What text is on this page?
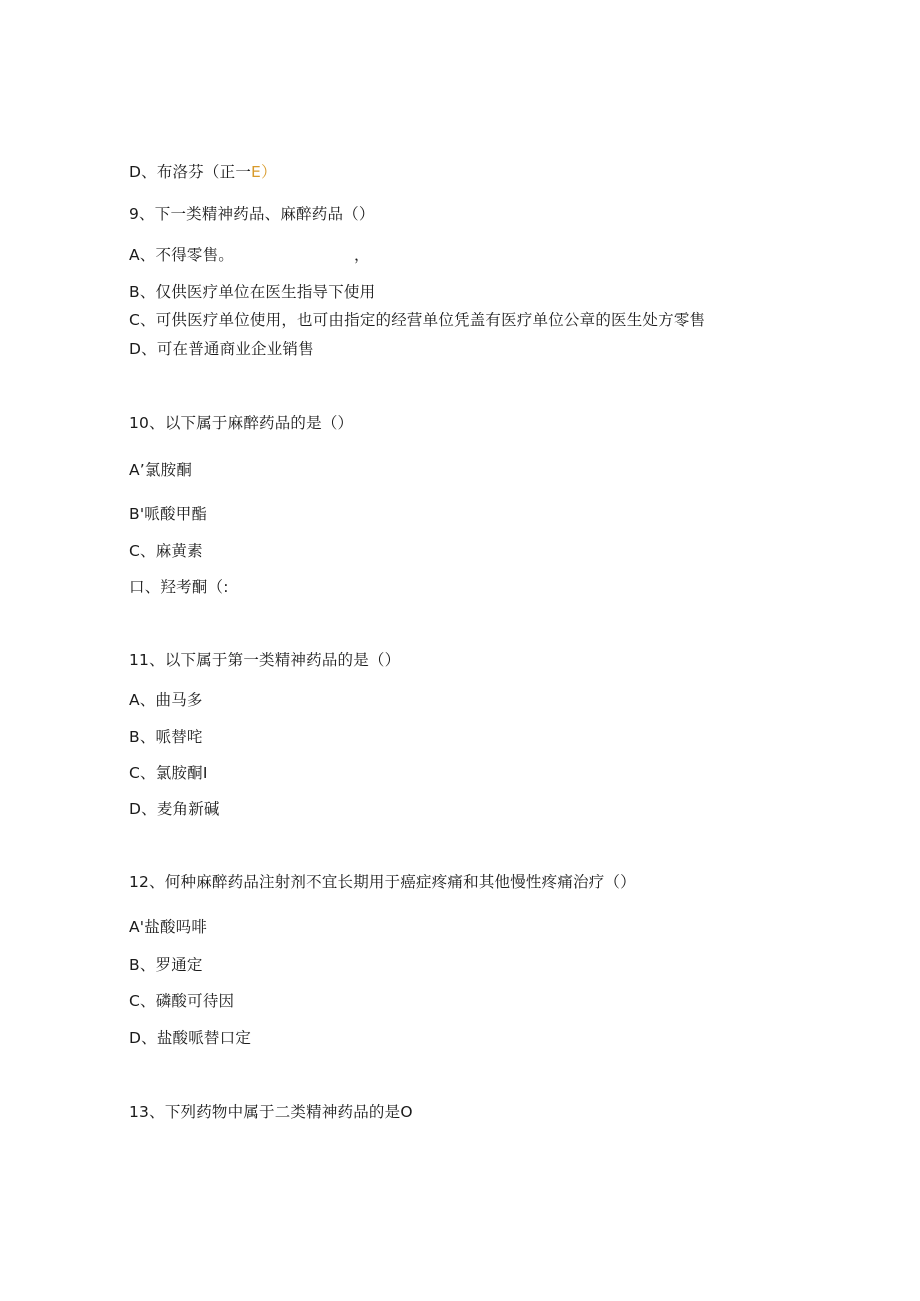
D、布洛芬（正一E）
9、下一类精神药品、麻醉药品（）
A、不得零售。	，
B、仅供医疗单位在医生指导下使用
C、可供医疗单位使用，也可由指定的经营单位凭盖有医疗单位公章的医生处方零售
D、可在普通商业企业销售
10、以下属于麻醉药品的是（）
A’氯胺酮
B'哌酸甲酯
C、麻黄素
口、羟考酮（:
11、以下属于第一类精神药品的是（）
A、曲马多
B、哌替咤
C、氯胺酮I
D、麦角新碱
12、何种麻醉药品注射剂不宜长期用于癌症疼痛和其他慢性疼痛治疗（）
A'盐酸吗啡
B、罗通定
C、磷酸可待因
D、盐酸哌替口定
13、下列药物中属于二类精神药品的是O
